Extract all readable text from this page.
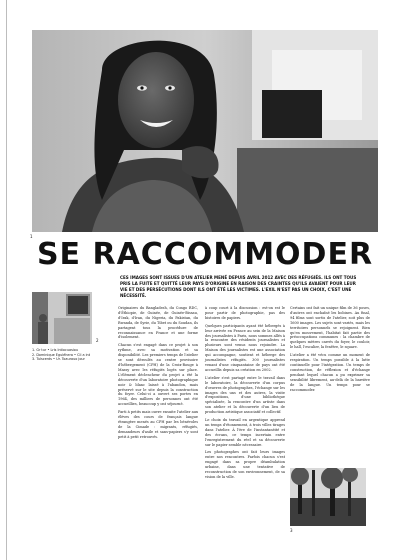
1
SE RACCOMMODER
CES IMAGES SONT ISSUES D'UN ATELIER MENÉ DEPUIS AVRIL 2012 AVEC DES RÉFUGIÉS. ILS ONT TOUS PRIS LA FUITE ET QUITTÉ LEUR PAYS D'ORIGINE EN RAISON DES CRAINTES QU'ILS AVAIENT POUR LEUR VIE ET DES PERSÉCUTIONS DONT ILS ONT ÉTÉ LES VICTIMES. L'EXIL N'EST PAS UN CHOIX, C'EST UNE NÉCESSITÉ.
2
1. Gr tur • Lris Intiocuasiou
2. Dominique Eguléhera • Cil a int
3. Tulscerds • Ur. Toaurauo jour

Originaires du Bangladesh, du Congo RDC, d'Éthiopie, de Guinée, de Guinée-Bissau, d'Irak, d'Iran, du Nigeria, du Pakistan, du Rwanda, de Syrie, du Tibet ou du Soudan, ils partagent tous la procédure de reconnaissance en France et une forme d'isolement.

Chacun s'est engagé dans ce projet à son rythme, avec sa motivation et sa disponibilité. Les premiers temps de l'atelier se sont déroulés au centre provisoire d'hébergement (CPH) de la Croix-Rouge à Massy avec les réfugiés logés sur place. L'élément déclencheur du projet a été la découverte d'un laboratoire photographique noir & blanc laissé à l'abandon, mais préservé sur le site depuis la construction du foyer. Celui-ci a ouvert ses portes en 1964, des milliers de personnes ont été accueillies, beaucoup y ont séjourné.

Parti à petits mais ouvre ensuite l'atelier aux élèves des cours de français langue étrangère menés au CPH par les bénévoles de la Cimade : migrants, réfugiés, demandeurs d'asile et sans-papiers s'y sont petit à petit retrouvés.

à coup court à la discussion : est-on est le pour partir de photographie, pas des histoires de papiers.

Quelques participants ayant été hébergés à leur arrivée en France au sein de la Maison des journalistes à Paris, nous sommes allés à la rencontre des résidents journalistes et plusieurs sont venus nous rejoindre. La Maison des journalistes est une association qui accompagne, soutient et héberge des journalistes réfugiés. 300 journalistes venant d'une cinquantaine de pays ont été accueillis depuis sa création en 2002.

L'atelier s'est partagé entre le travail dans le laboratoire, la découverte d'un corpus d'œuvres de photographes, l'échange sur les images des uns et des autres, la visite d'expositions, d'une bibliothèque spécialisée, la rencontre d'un artiste dans son atelier et la découverte d'un lieu de production artistique associatif et collectif.

Le choix du travail en argentique apprend un temps d'étonnement, à trois villes tirages dans l'atelier. À l'ère de l'instantanéité et des écrans, ce temps incertain entre l'enregistrement du réel et sa découverte sur le papier semble nécessaire.

Les photographes ont fait leurs images entre nos rencontres. Parfois chacun s'est engagé dans sa propre déambulation urbaine, dans une tentative de reconstruction de son environnement, de sa vision de la ville.

Certains ont fait un unique film de 36 poses, d'autres ont enchaîné les bobines. Au final, 94 films sont sortis de l'atelier, soit plus de 1600 images. Les sujets sont variés, mais les territoires personnels se rejoignent. Bien qu'en mouvement, l'habitat fait partie des préoccupations communes : la chambre de quelques mètres carrés du foyer, le couloir, le hall, l'escalier, la fenêtre, le square.

L'atelier a été vécu comme un moment de respiration. Un temps possible à la lutte continuelle pour l'intégration. Un temps de construction, de réflexion et d'échange pendant lequel chacun a pu exprimer sa sensibilité librement, au-delà de la barrière de la langue. Un temps pour se raccommoder.

3
